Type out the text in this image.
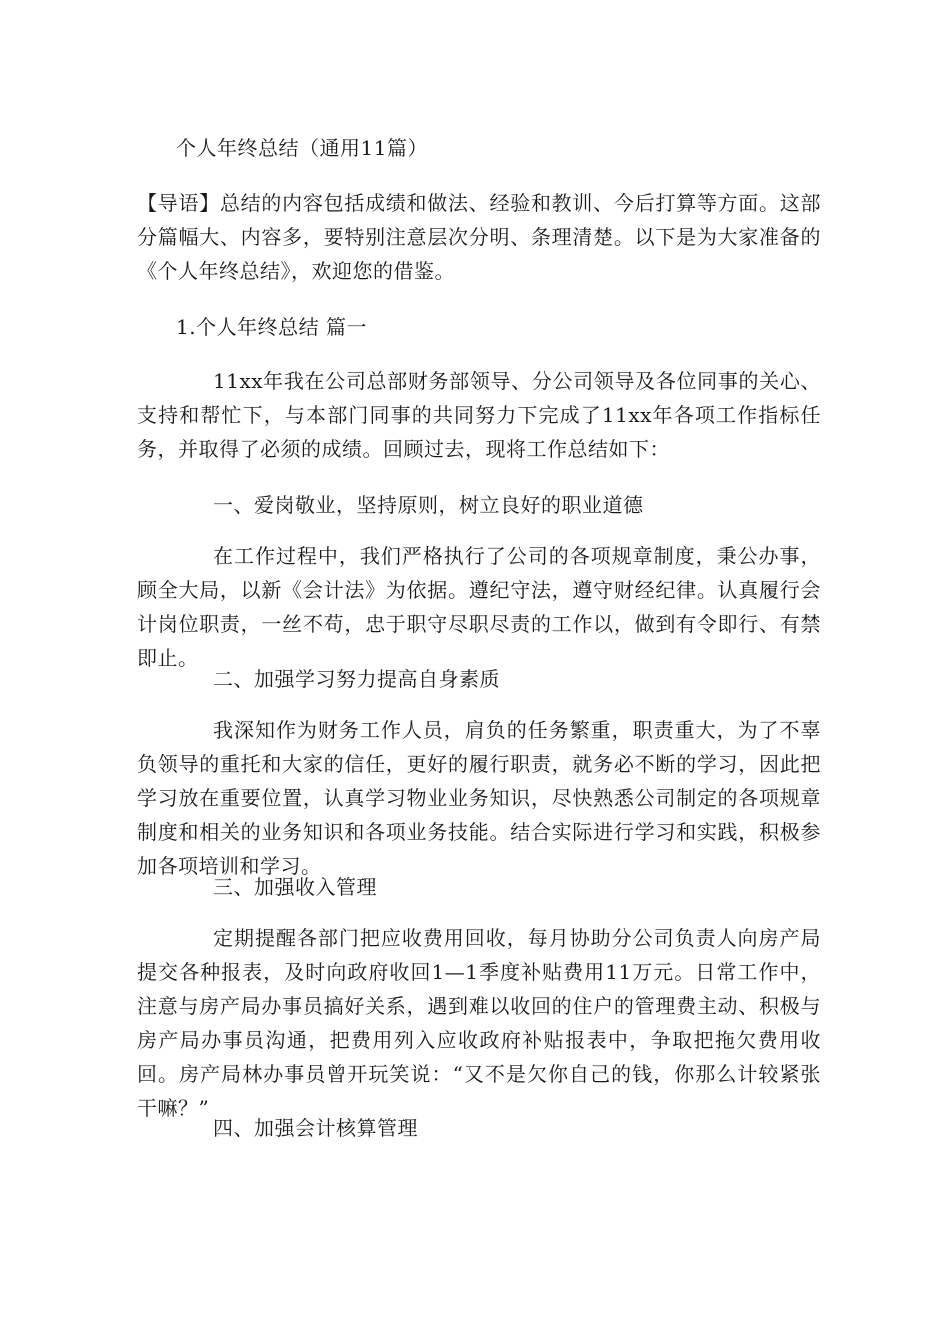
个人年终总结（通用11篇）

【导语】总结的内容包括成绩和做法、经验和教训、今后打算等方面。这部分篇幅大、内容多，要特别注意层次分明、条理清楚。以下是为大家准备的《个人年终总结》，欢迎您的借鉴。

1.个人年终总结 篇一

11xx年我在公司总部财务部领导、分公司领导及各位同事的关心、支持和帮忙下，与本部门同事的共同努力下完成了11xx年各项工作指标任务，并取得了必须的成绩。回顾过去，现将工作总结如下：

一、爱岗敬业，坚持原则，树立良好的职业道德

在工作过程中，我们严格执行了公司的各项规章制度，秉公办事，顾全大局，以新《会计法》为依据。遵纪守法，遵守财经纪律。认真履行会计岗位职责，一丝不苟，忠于职守尽职尽责的工作以，做到有令即行、有禁即止。

二、加强学习努力提高自身素质

我深知作为财务工作人员，肩负的任务繁重，职责重大，为了不辜负领导的重托和大家的信任，更好的履行职责，就务必不断的学习，因此把学习放在重要位置，认真学习物业业务知识，尽快熟悉公司制定的各项规章制度和相关的业务知识和各项业务技能。结合实际进行学习和实践，积极参加各项培训和学习。

三、加强收入管理

定期提醒各部门把应收费用回收，每月协助分公司负责人向房产局提交各种报表，及时向政府收回1—1季度补贴费用11万元。日常工作中，注意与房产局办事员搞好关系，遇到难以收回的住户的管理费主动、积极与房产局办事员沟通，把费用列入应收政府补贴报表中，争取把拖欠费用收回。房产局林办事员曾开玩笑说：“又不是欠你自己的钱，你那么计较紧张干嘛？”

四、加强会计核算管理
